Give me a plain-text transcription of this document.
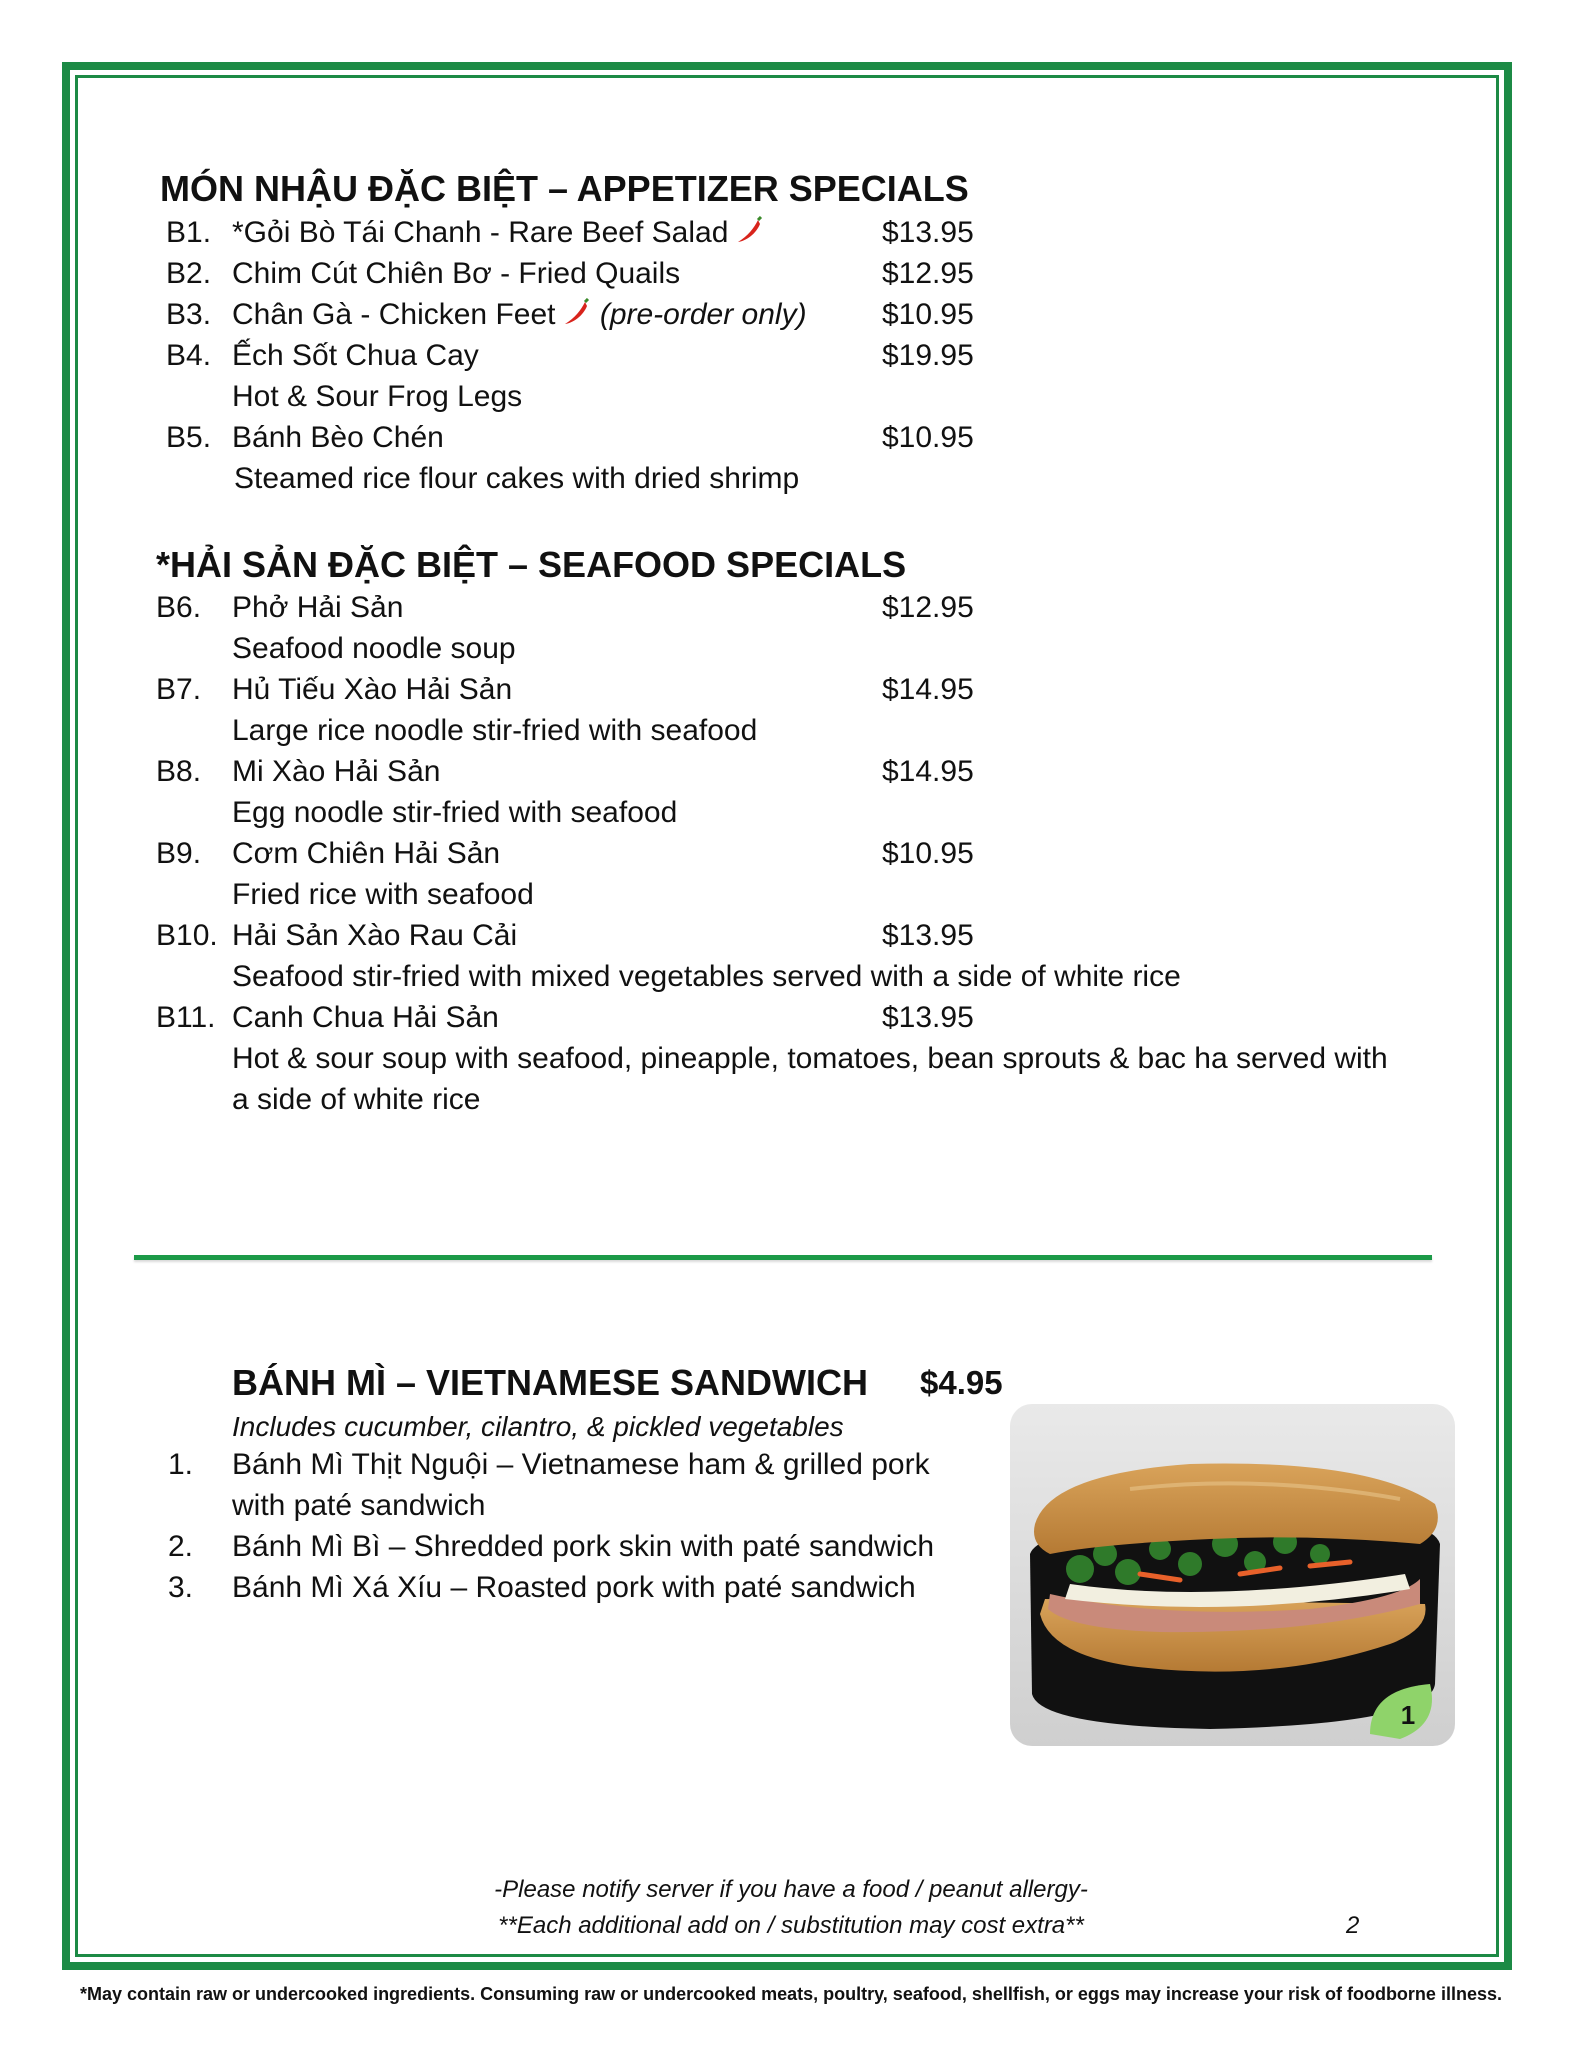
MÓN NHẬU ĐẶC BIỆT – APPETIZER SPECIALS
B1. *Gỏi Bò Tái Chanh - Rare Beef Salad	$13.95
B2. Chim Cút Chiên Bơ - Fried Quails	$12.95
B3. Chân Gà - Chicken Feet (pre-order only)	$10.95
B4. Ếch Sốt Chua Cay	$19.95
Hot & Sour Frog Legs
B5. Bánh Bèo Chén	$10.95
Steamed rice flour cakes with dried shrimp
*HẢI SẢN ĐẶC BIỆT – SEAFOOD SPECIALS
B6. Phở Hải Sản	$12.95
Seafood noodle soup
B7. Hủ Tiếu Xào Hải Sản	$14.95
Large rice noodle stir-fried with seafood
B8. Mi Xào Hải Sản	$14.95
Egg noodle stir-fried with seafood
B9. Cơm Chiên Hải Sản	$10.95
Fried rice with seafood
B10. Hải Sản Xào Rau Cải	$13.95
Seafood stir-fried with mixed vegetables served with a side of white rice
B11. Canh Chua Hải Sản	$13.95
Hot & sour soup with seafood, pineapple, tomatoes, bean sprouts & bac ha served with
a side of white rice
BÁNH MÌ – VIETNAMESE SANDWICH $4.95
Includes cucumber, cilantro, & pickled vegetables
1. Bánh Mì Thịt Nguội – Vietnamese ham & grilled pork
with paté sandwich
2. Bánh Mì Bì – Shredded pork skin with paté sandwich
3. Bánh Mì Xá Xíu – Roasted pork with paté sandwich
1
-Please notify server if you have a food / peanut allergy-
**Each additional add on / substitution may cost extra**	2
*May contain raw or undercooked ingredients. Consuming raw or undercooked meats, poultry, seafood, shellfish, or eggs may increase your risk of foodborne illness.
